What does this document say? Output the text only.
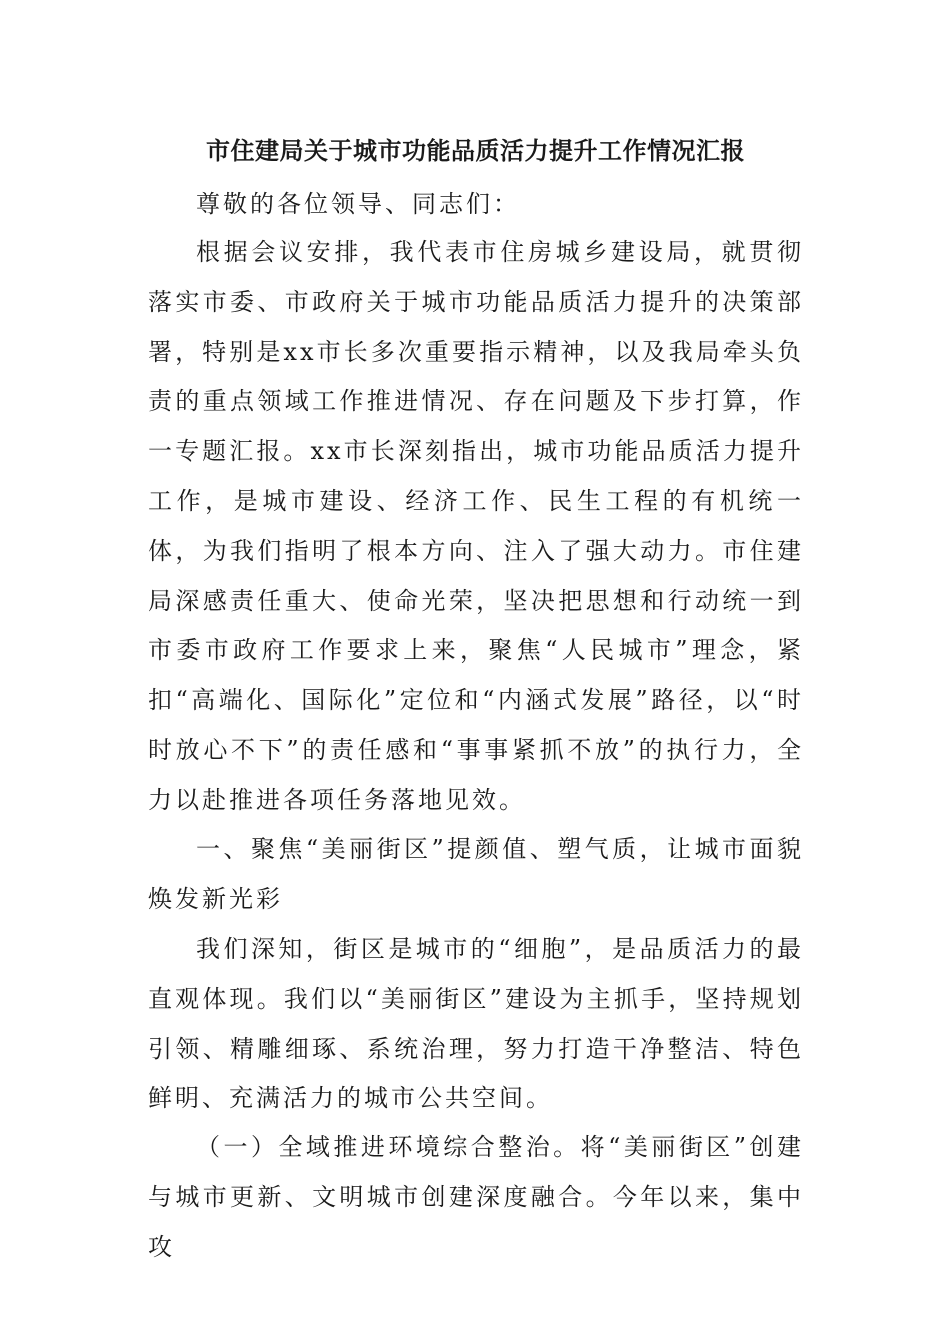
市住建局关于城市功能品质活力提升工作情况汇报

尊敬的各位领导、同志们：

根据会议安排，我代表市住房城乡建设局，就贯彻落实市委、市政府关于城市功能品质活力提升的决策部署，特别是xx市长多次重要指示精神，以及我局牵头负责的重点领域工作推进情况、存在问题及下步打算，作一专题汇报。xx市长深刻指出，城市功能品质活力提升工作，是城市建设、经济工作、民生工程的有机统一体，为我们指明了根本方向、注入了强大动力。市住建局深感责任重大、使命光荣，坚决把思想和行动统一到市委市政府工作要求上来，聚焦“人民城市”理念，紧扣“高端化、国际化”定位和“内涵式发展”路径，以“时时放心不下”的责任感和“事事紧抓不放”的执行力，全力以赴推进各项任务落地见效。

一、聚焦“美丽街区”提颜值、塑气质，让城市面貌焕发新光彩

我们深知，街区是城市的“细胞”，是品质活力的最直观体现。我们以“美丽街区”建设为主抓手，坚持规划引领、精雕细琢、系统治理，努力打造干净整洁、特色鲜明、充满活力的城市公共空间。

（一）全域推进环境综合整治。将“美丽街区”创建与城市更新、文明城市创建深度融合。今年以来，集中攻
